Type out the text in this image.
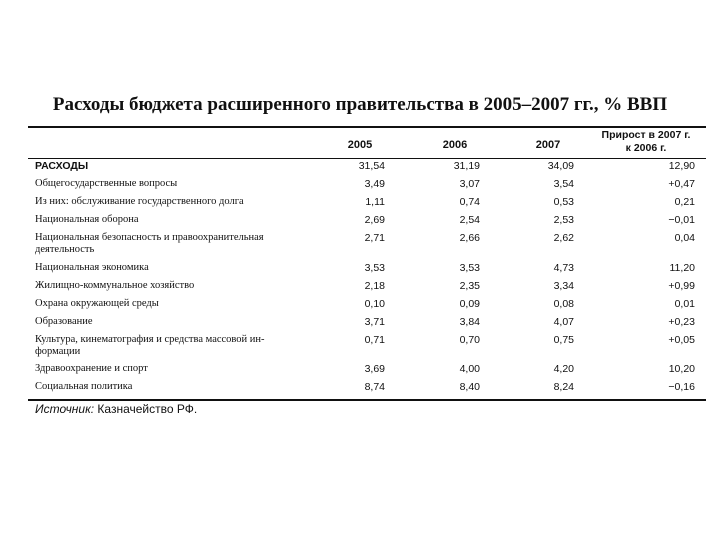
Расходы бюджета расширенного правительства в 2005–2007 гг., % ВВП
2005	2006	2007
Прирост в 2007 г.
к 2006 г.
РАСХОДЫ	31,54	31,19	34,09	12,90
Общегосударственные вопросы	3,49	3,07	3,54	+0,47
Из них: обслуживание государственного долга	1,11	0,74	0,53	0,21
Национальная оборона	2,69	2,54	2,53	−0,01
Национальная безопасность и правоохранительная деятельность
2,71	2,66	2,62	0,04
Национальная экономика	3,53	3,53	4,73	11,20
Жилищно-коммунальное хозяйство	2,18	2,35	3,34	+0,99
Охрана окружающей среды	0,10	0,09	0,08	0,01
Образование	3,71	3,84	4,07	+0,23
Культура, кинематография и средства массовой ин-формации
0,71	0,70	0,75	+0,05
Здравоохранение и спорт	3,69	4,00	4,20	10,20
Социальная политика	8,74	8,40	8,24	−0,16
Источник: Казначейство РФ.
